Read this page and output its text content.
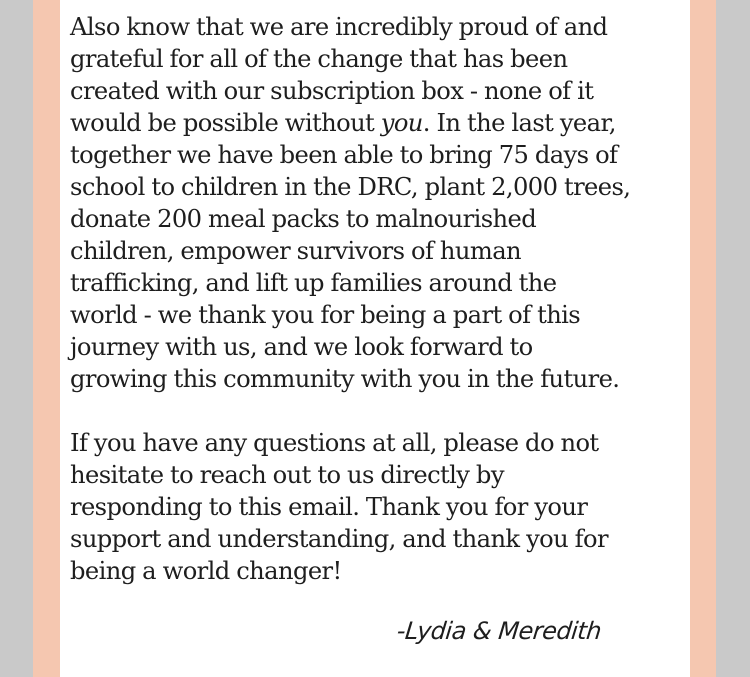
Also know that we are incredibly proud of and
grateful for all of the change that has been
created with our subscription box - none of it
would be possible without you. In the last year,
together we have been able to bring 75 days of
school to children in the DRC, plant 2,000 trees,
donate 200 meal packs to malnourished
children, empower survivors of human
trafficking, and lift up families around the
world - we thank you for being a part of this
journey with us, and we look forward to
growing this community with you in the future.
If you have any questions at all, please do not
hesitate to reach out to us directly by
responding to this email. Thank you for your
support and understanding, and thank you for
being a world changer!
-Lydia & Meredith
